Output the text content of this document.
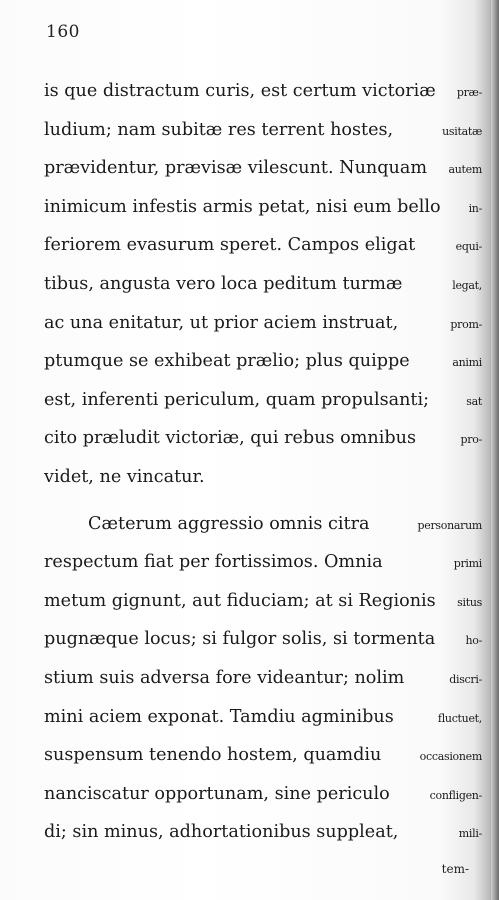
160
is que distractum curis, est certum victoriæ præ-
ludium; nam subitæ res terrent hostes,	usitatæ
prævidentur, prævisæ vilescunt. Nunquam autem
inimicum infestis armis petat, nisi eum bello	in-
feriorem evasurum speret. Campos eligat	equi-
tibus, angusta vero loca peditum turmæ	legat,
ac una enitatur, ut prior aciem instruat,	prom-
ptumque se exhibeat prælio; plus quippe	animi
est, inferenti periculum, quam propulsanti;	sat
cito præludit victoriæ, qui rebus omnibus	pro-
videt, ne vincatur.
Cæterum aggressio omnis citra	personarum
respectum fiat per fortissimos. Omnia	primi
metum gignunt, aut fiduciam; at si Regionis situs
pugnæque locus; si fulgor solis, si tormenta	ho-
stium suis adversa fore videantur; nolim	discri-
mini aciem exponat. Tamdiu agminibus	fluctuet,
suspensum tenendo hostem, quamdiu	occasionem
nanciscatur opportunam, sine periculo	confligen-
di; sin minus, adhortationibus suppleat,	mili-
tem-
